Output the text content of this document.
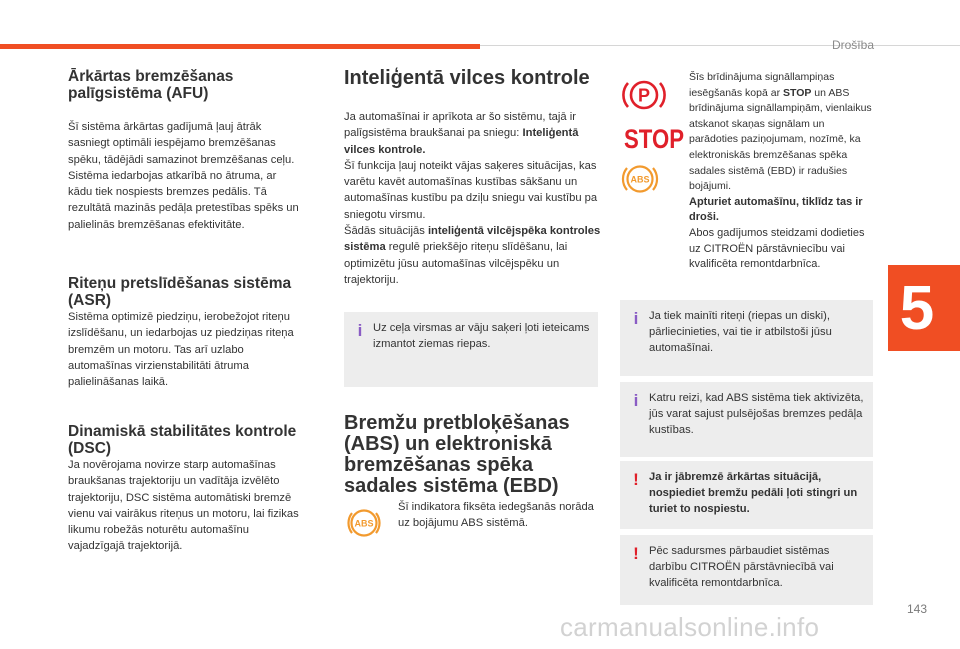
Drošība
5
Ārkārtas bremzēšanas palīgsistēma (AFU)

Šī sistēma ārkārtas gadījumā ļauj ātrāk sasniegt optimāli iespējamo bremzēšanas spēku, tādējādi samazinot bremzēšanas ceļu. Sistēma iedarbojas atkarībā no ātruma, ar kādu tiek nospiests bremzes pedālis. Tā rezultātā mazinās pedāļa pretestības spēks un palielinās bremzēšanas efektivitāte.

Riteņu pretslīdēšanas sistēma (ASR)

Sistēma optimizē piedziņu, ierobežojot riteņu izslīdēšanu, un iedarbojas uz piedziņas riteņa bremzēm un motoru. Tas arī uzlabo automašīnas virzienstabilitāti ātruma palielināšanas laikā.

Dinamiskā stabilitātes kontrole (DSC)

Ja novērojama novirze starp automašīnas braukšanas trajektoriju un vadītāja izvēlēto trajektoriju, DSC sistēma automātiski bremzē vienu vai vairākus riteņus un motoru, lai fizikas likumu robežās noturētu automašīnu vajadzīgajā trajektorijā.

Inteliģentā vilces kontrole

Ja automašīnai ir aprīkota ar šo sistēmu, tajā ir palīgsistēma braukšanai pa sniegu: Inteliģentā vilces kontrole.

Šī funkcija ļauj noteikt vājas saķeres situācijas, kas varētu kavēt automašīnas kustības sākšanu un automašīnas kustību pa dziļu sniegu vai kustību pa sniegotu virsmu.

Šādās situācijās inteliģentā vilcējspēka kontroles sistēma regulē priekšējo riteņu slīdēšanu, lai optimizētu jūsu automašīnas vilcējspēku un trajektoriju.

i Uz ceļa virsmas ar vāju saķeri ļoti ieteicams izmantot ziemas riepas.
Bremžu pretbloķēšanas (ABS) un elektroniskā bremzēšanas spēka sadales sistēma (EBD)
ABS

Šī indikatora fiksēta iedegšanās norāda uz bojājumu ABS sistēmā.

P
STOP
ABS

Šīs brīdinājuma signāllampiņas iesēgšanās kopā ar STOP un ABS brīdinājuma signāllampiņām, vienlaikus atskanot skaņas signālam un parādoties paziņojumam, nozīmē, ka elektroniskās bremzēšanas spēka sadales sistēmā (EBD) ir radušies bojājumi.

Apturiet automašīnu, tiklīdz tas ir droši.

Abos gadījumos steidzami dodieties uz CITROËN pārstāvniecību vai kvalificēta remontdarbnīca.

i Ja tiek mainīti riteņi (riepas un diski), pārliecinieties, vai tie ir atbilstoši jūsu automašīnai.
i Katru reizi, kad ABS sistēma tiek aktivizēta, jūs varat sajust pulsējošas bremzes pedāļa kustības.
! Ja ir jābremzē ārkārtas situācijā, nospiediet bremžu pedāli ļoti stingri un turiet to nospiestu.
! Pēc sadursmes pārbaudiet sistēmas darbību CITROËN pārstāvniecībā vai kvalificēta remontdarbnīca.
143
carmanualsonline.info
